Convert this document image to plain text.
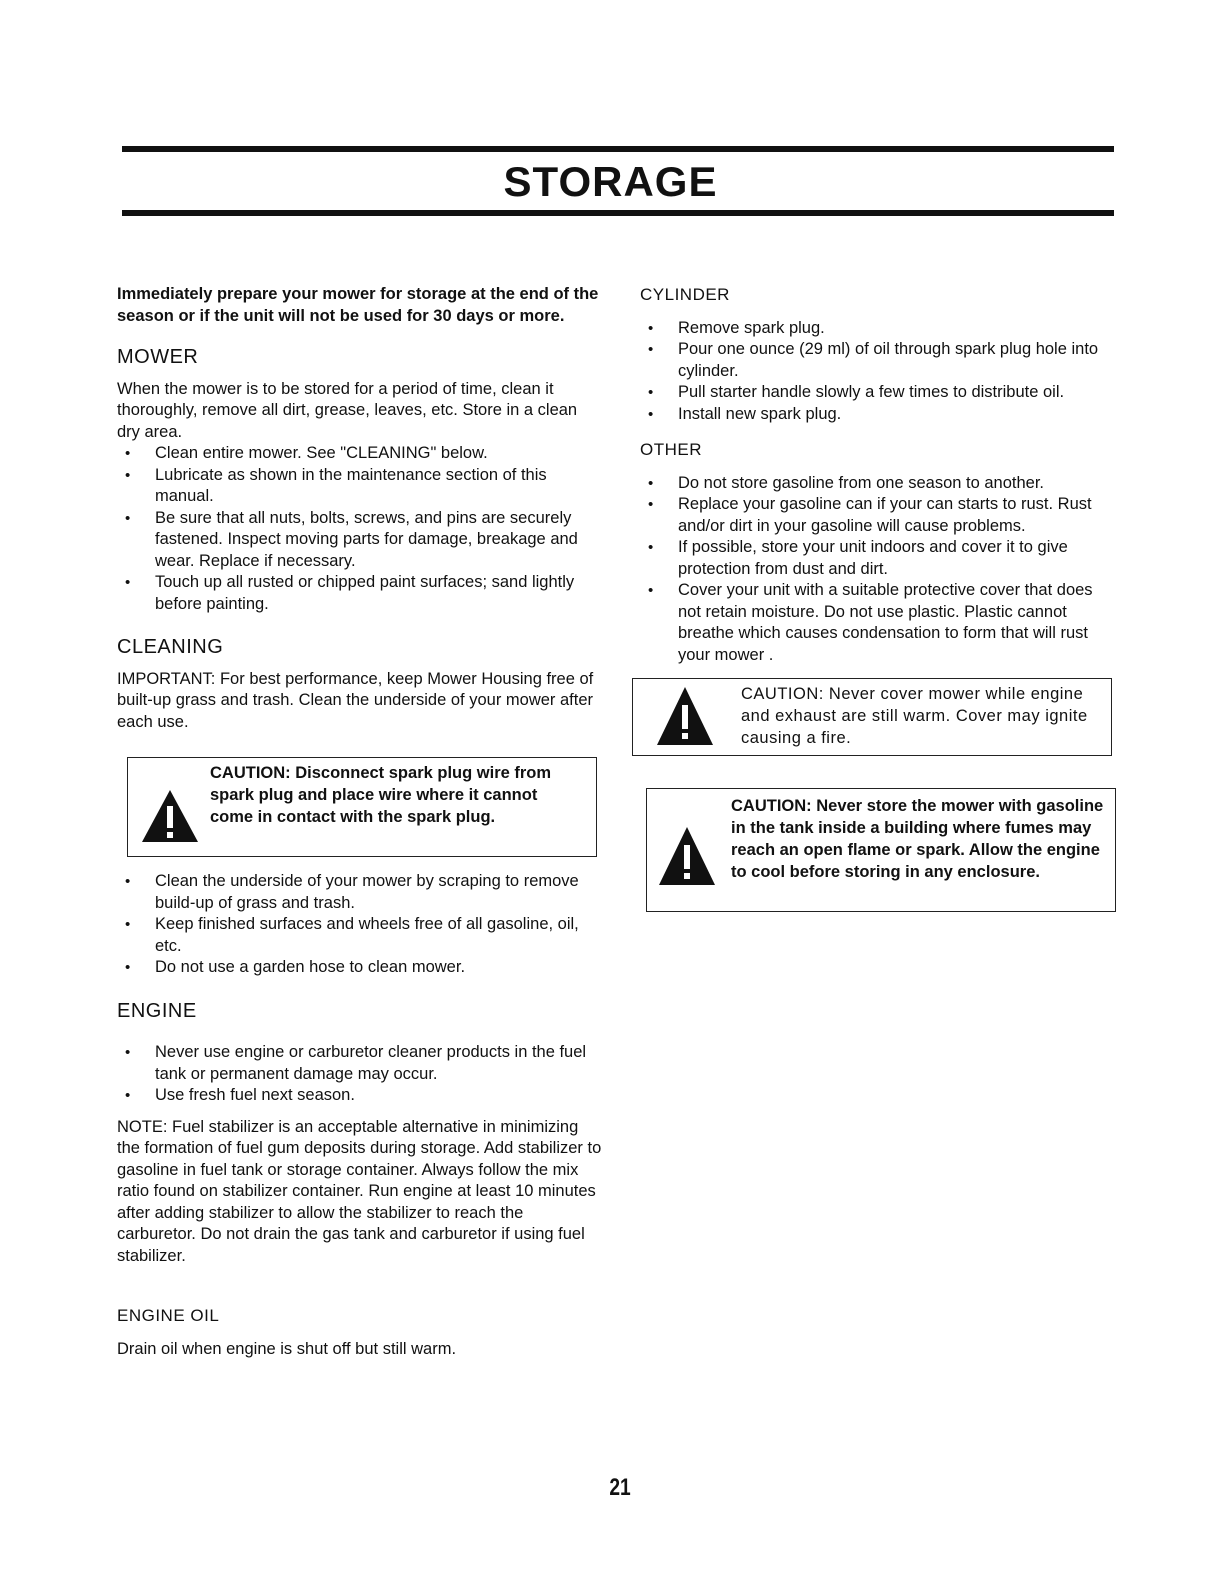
STORAGE

Immediately prepare your mower for storage at the end of the season or if the unit will not be used for 30 days or more.

MOWER

When the mower is to be stored for a period of time, clean it thoroughly, remove all dirt, grease, leaves, etc. Store in a clean dry area.

• Clean entire mower. See "CLEANING" below.
• Lubricate as shown in the maintenance section of this manual.
• Be sure that all nuts, bolts, screws, and pins are securely fastened. Inspect moving parts for damage, breakage and wear. Replace if necessary.
• Touch up all rusted or chipped paint surfaces; sand lightly before painting.
CLEANING

IMPORTANT: For best performance, keep Mower Housing free of built-up grass and trash. Clean the underside of your mower after each use.

CAUTION: Disconnect spark plug wire from spark plug and place wire where it cannot come in contact with the spark plug.
• Clean the underside of your mower by scraping to remove build-up of grass and trash.
• Keep finished surfaces and wheels free of all gasoline, oil, etc.
• Do not use a garden hose to clean mower.
ENGINE
• Never use engine or carburetor cleaner products in the fuel tank or permanent damage may occur.
• Use fresh fuel next season.

NOTE: Fuel stabilizer is an acceptable alternative in minimizing the formation of fuel gum deposits during storage. Add stabilizer to gasoline in fuel tank or storage container. Always follow the mix ratio found on stabilizer container. Run engine at least 10 minutes after adding stabilizer to allow the stabilizer to reach the carburetor. Do not drain the gas tank and carburetor if using fuel stabilizer.

ENGINE OIL

Drain oil when engine is shut off but still warm.

CYLINDER
• Remove spark plug.
• Pour one ounce (29 ml) of oil through spark plug hole into cylinder.
• Pull starter handle slowly a few times to distribute oil.
• Install new spark plug.
OTHER
• Do not store gasoline from one season to another.
• Replace your gasoline can if your can starts to rust. Rust and/or dirt in your gasoline will cause problems.
• If possible, store your unit indoors and cover it to give protection from dust and dirt.
• Cover your unit with a suitable protective cover that does not retain moisture. Do not use plastic. Plastic cannot breathe which causes condensation to form that will rust your mower .
CAUTION: Never cover mower while engine and exhaust are still warm. Cover may ignite causing a fire.
CAUTION: Never store the mower with gasoline in the tank inside a building where fumes may reach an open flame or spark. Allow the engine to cool before storing in any enclosure.
21
